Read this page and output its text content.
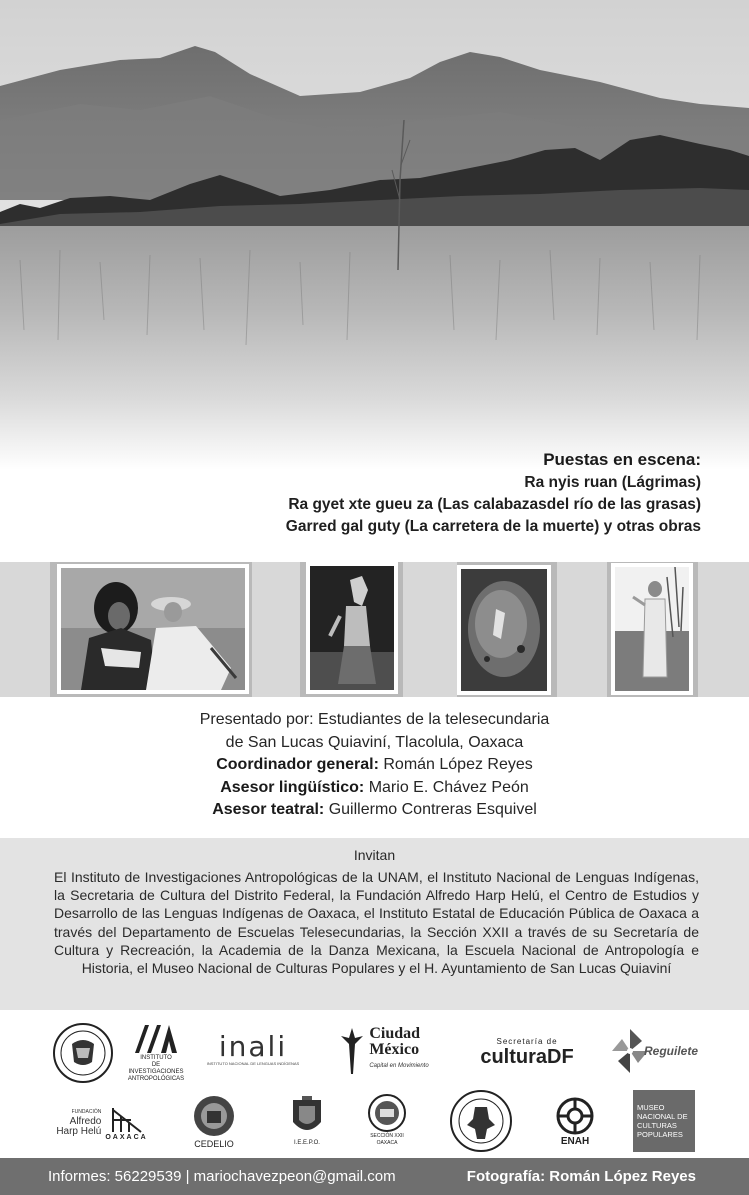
Puestas en escena:
Ra nyis ruan (Lágrimas)
Ra gyet xte gueu za (Las calabazasdel río de las grasas)
Garred gal guty (La carretera de la muerte) y otras obras
Presentado por: Estudiantes de la telesecundaria
de San Lucas Quiaviní, Tlacolula, Oaxaca
Coordinador general: Román López Reyes
Asesor lingüístico: Mario E. Chávez Peón
Asesor teatral: Guillermo Contreras Esquivel
Invitan
El Instituto de Investigaciones Antropológicas de la UNAM, el Instituto Nacional de Lenguas Indígenas, la Secretaria de Cultura del Distrito Federal, la Fundación Alfredo Harp Helú, el Centro de Estudios y Desarrollo de las Lenguas Indígenas de Oaxaca, el Instituto Estatal de Educación Pública de Oaxaca a través del Departamento de Escuelas Telesecundarias, la Sección XXII a través de su Secretaría de Cultura y Recreación, la Academia de la Danza Mexicana, la Escuela Nacional de Antropología e Historia, el Museo Nacional de Culturas Populares y el H. Ayuntamiento de San Lucas Quiaviní
INSTITUTO
DE
INVESTIGACIONES
ANTROPOLÓGICAS
inali
INSTITUTO NACIONAL DE LENGUAS INDÍGENAS
Ciudad
México
Capital en Movimiento
Secretaría de
culturaDF	Reguilete
FUNDACIÓN
Alfredo
Harp Helú OAXACA
CEDELIO	I.E.E.P.O.
SECCIÓN XXII
OAXACA	ENAH
MUSEO
NACIONAL DE
CULTURAS
POPULARES
Informes: 56229539 | mariochavezpeon@gmail.com	Fotografía: Román López Reyes
